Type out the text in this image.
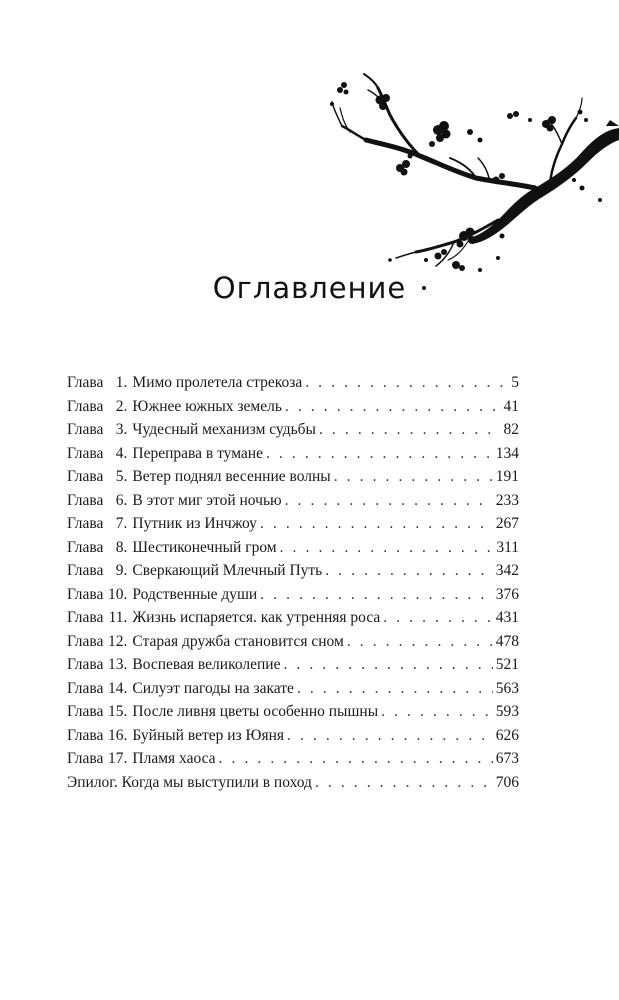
Оглавление
Глава 1. Мимо пролетела стрекоза . . .	5
Глава 2. Южнее южных земель . . .	41
Глава 3. Чудесный механизм судьбы . . .	82
Глава 4. Переправа в тумане . . .	134
Глава 5. Ветер поднял весенние волны . . .	191
Глава 6. В этот миг этой ночью . . .	233
Глава 7. Путник из Инчжоу . . .	267
Глава 8. Шестиконечный гром . . .	311
Глава 9. Сверкающий Млечный Путь . . .	342
Глава 10. Родственные души . . .	376
Глава 11. Жизнь испаряется. как утренняя роса . . .	431
Глава 12. Старая дружба становится сном . . .	478
Глава 13. Воспевая великолепие . . .	521
Глава 14. Силуэт пагоды на закате . . .	563
Глава 15. После ливня цветы особенно пышны . . .	593
Глава 16. Буйный ветер из Юяня . . .	626
Глава 17. Пламя хаоса . . .	673
Эпилог. Когда мы выступили в поход . . .	706
